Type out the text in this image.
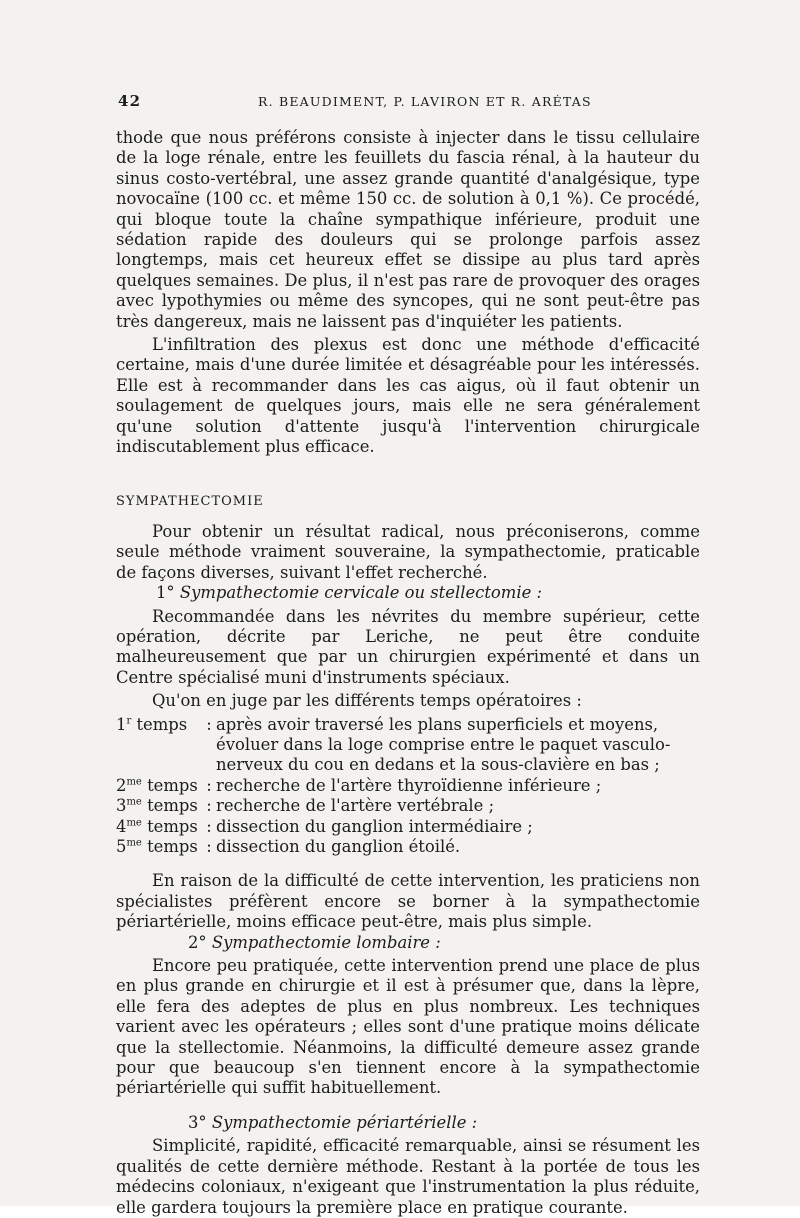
42	R. BEAUDIMENT, P. LAVIRON ET R. ARÉTAS

thode que nous préférons consiste à injecter dans le tissu cellulaire de la loge rénale, entre les feuillets du fascia rénal, à la hauteur du sinus costo-vertébral, une assez grande quantité d'analgésique, type novocaïne (100 cc. et même 150 cc. de solution à 0,1 %). Ce procédé, qui bloque toute la chaîne sympathique inférieure, produit une sédation rapide des douleurs qui se prolonge parfois assez longtemps, mais cet heureux effet se dissipe au plus tard après quelques semaines. De plus, il n'est pas rare de provoquer des orages avec lypothymies ou même des syncopes, qui ne sont peut-être pas très dangereux, mais ne laissent pas d'inquiéter les patients.

L'infiltration des plexus est donc une méthode d'efficacité certaine, mais d'une durée limitée et désagréable pour les intéressés. Elle est à recommander dans les cas aigus, où il faut obtenir un soulagement de quelques jours, mais elle ne sera généralement qu'une solution d'attente jusqu'à l'intervention chirurgicale indiscutablement plus efficace.

SYMPATHECTOMIE

Pour obtenir un résultat radical, nous préconiserons, comme seule méthode vraiment souveraine, la sympathectomie, praticable de façons diverses, suivant l'effet recherché.

1° Sympathectomie cervicale ou stellectomie :

Recommandée dans les névrites du membre supérieur, cette opération, décrite par Leriche, ne peut être conduite malheureusement que par un chirurgien expérimenté et dans un Centre spécialisé muni d'instruments spéciaux.

Qu'on en juge par les différents temps opératoires :

1$^r$ temps	: après avoir traversé les plans superficiels et moyens, évoluer dans la loge comprise entre le paquet vasculo-nerveux du cou en dedans et la sous-clavière en bas ;
$2^{me}$ temps : recherche de l'artère thyroïdienne inférieure ;
$3^{me}$ temps : recherche de l'artère vertébrale ;
$4^{me}$ temps : dissection du ganglion intermédiaire ;
$5^{me}$ temps : dissection du ganglion étoilé.

En raison de la difficulté de cette intervention, les praticiens non spécialistes préfèrent encore se borner à la sympathectomie périartérielle, moins efficace peut-être, mais plus simple.

2° Sympathectomie lombaire :

Encore peu pratiquée, cette intervention prend une place de plus en plus grande en chirurgie et il est à présumer que, dans la lèpre, elle fera des adeptes de plus en plus nombreux. Les techniques varient avec les opérateurs ; elles sont d'une pratique moins délicate que la stellectomie. Néanmoins, la difficulté demeure assez grande pour que beaucoup s'en tiennent encore à la sympathectomie périartérielle qui suffit habituellement.

3° Sympathectomie périartérielle :

Simplicité, rapidité, efficacité remarquable, ainsi se résument les qualités de cette dernière méthode. Restant à la portée de tous les médecins coloniaux, n'exigeant que l'instrumentation la plus réduite, elle gardera toujours la première place en pratique courante.
